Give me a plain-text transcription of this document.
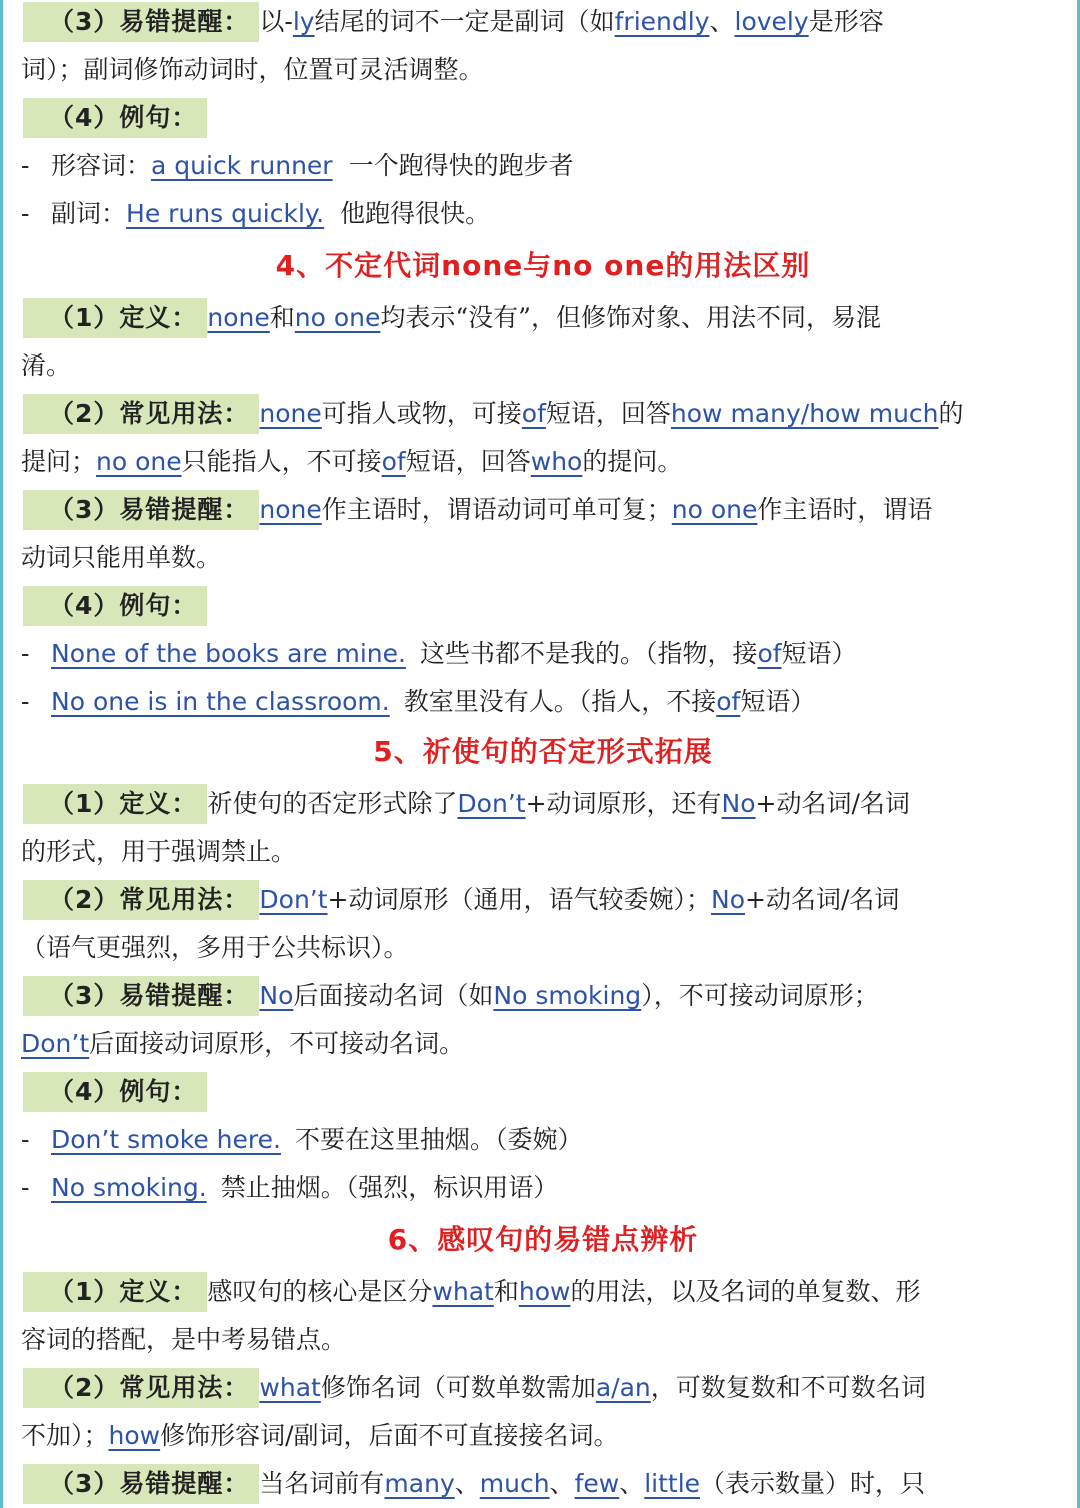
（3）易错提醒： 以-ly结尾的词不一定是副词（如friendly、lovely是形容
词）；副词修饰动词时，位置可灵活调整。
（4）例句：
- 形容词：a quick runner 一个跑得快的跑步者
- 副词：He runs quickly. 他跑得很快。
4、不定代词none与no one的用法区别
（1）定义： none和no one均表示“没有”，但修饰对象、用法不同，易混
淆。
（2）常见用法： none可指人或物，可接of短语，回答how many/how much的
提问；no one只能指人，不可接of短语，回答who的提问。
（3）易错提醒： none作主语时，谓语动词可单可复；no one作主语时，谓语
动词只能用单数。
（4）例句：
- None of the books are mine. 这些书都不是我的。（指物，接of短语）
- No one is in the classroom. 教室里没有人。（指人，不接of短语）
5、祈使句的否定形式拓展
（1）定义： 祈使句的否定形式除了Don’t+动词原形，还有No+动名词/名词
的形式，用于强调禁止。
（2）常见用法： Don’t+动词原形（通用，语气较委婉）；No+动名词/名词
（语气更强烈，多用于公共标识）。
（3）易错提醒： No后面接动名词（如No smoking），不可接动词原形；
Don’t后面接动词原形，不可接动名词。
（4）例句：
- Don’t smoke here. 不要在这里抽烟。（委婉）
- No smoking. 禁止抽烟。（强烈，标识用语）
6、感叹句的易错点辨析
（1）定义： 感叹句的核心是区分what和how的用法，以及名词的单复数、形
容词的搭配，是中考易错点。
（2）常见用法： what修饰名词（可数单数需加a/an，可数复数和不可数名词
不加）；how修饰形容词/副词，后面不可直接接名词。
（3）易错提醒： 当名词前有many、much、few、little（表示数量）时，只
